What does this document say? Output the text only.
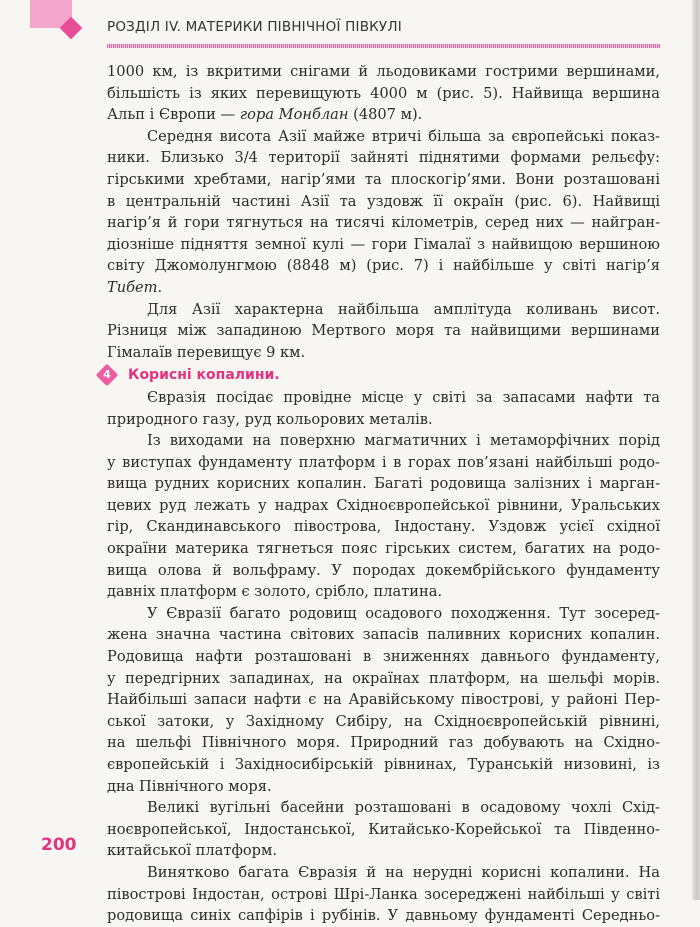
РОЗДІЛ IV. МАТЕРИКИ ПІВНІЧНОЇ ПІВКУЛІ

1000 км, із вкритими снігами й льодовиками гострими вершинами,
більшість із яких перевищують 4000 м (рис. 5). Найвища вершина
Альп і Європи — гора Монблан (4807 м).

Середня висота Азії майже втричі більша за європейські показ-
ники. Близько 3/4 території зайняті піднятими формами рельєфу:
гірськими хребтами, нагір’ями та плоскогір’ями. Вони розташовані
в центральній частині Азії та уздовж її окраїн (рис. 6). Найвищі
нагір’я й гори тягнуться на тисячі кілометрів, серед них — найгран-
діозніше підняття земної кулі — гори Гімалаї з найвищою вершиною
світу Джомолунгмою (8848 м) (рис. 7) і найбільше у світі нагір’я
Тибет.

Для Азії характерна найбільша амплітуда коливань висот.
Різниця між западиною Мертвого моря та найвищими вершинами
Гімалаїв перевищує 9 км.

4 Корисні копалини.

Євразія посідає провідне місце у світі за запасами нафти та
природного газу, руд кольорових металів.

Із виходами на поверхню магматичних і метаморфічних порід
у виступах фундаменту платформ і в горах пов’язані найбільші родо-
вища рудних корисних копалин. Багаті родовища залізних і марган-
цевих руд лежать у надрах Східноєвропейської рівнини, Уральських
гір, Скандинавського півострова, Індостану. Уздовж усієї східної
окраїни материка тягнеться пояс гірських систем, багатих на родо-
вища олова й вольфраму. У породах докембрійського фундаменту
давніх платформ є золото, срібло, платина.

У Євразії багато родовищ осадового походження. Тут зосеред-
жена значна частина світових запасів паливних корисних копалин.
Родовища нафти розташовані в зниженнях давнього фундаменту,
у передгірних западинах, на окраїнах платформ, на шельфі морів.
Найбільші запаси нафти є на Аравійському півострові, у районі Пер-
ської затоки, у Західному Сибіру, на Східноєвропейській рівнині,
на шельфі Північного моря. Природний газ добувають на Східно-
європейській і Західносибірській рівнинах, Туранській низовині, із
дна Північного моря.

Великі вугільні басейни розташовані в осадовому чохлі Схід-
ноєвропейської, Індостанської, Китайсько-Корейської та Південно-
китайської платформ.

Винятково багата Євразія й на нерудні корисні копалини. На
півострові Індостан, острові Шрі-Ланка зосереджені найбільші у світі
родовища синіх сапфірів і рубінів. У давньому фундаменті Середньо-

200
